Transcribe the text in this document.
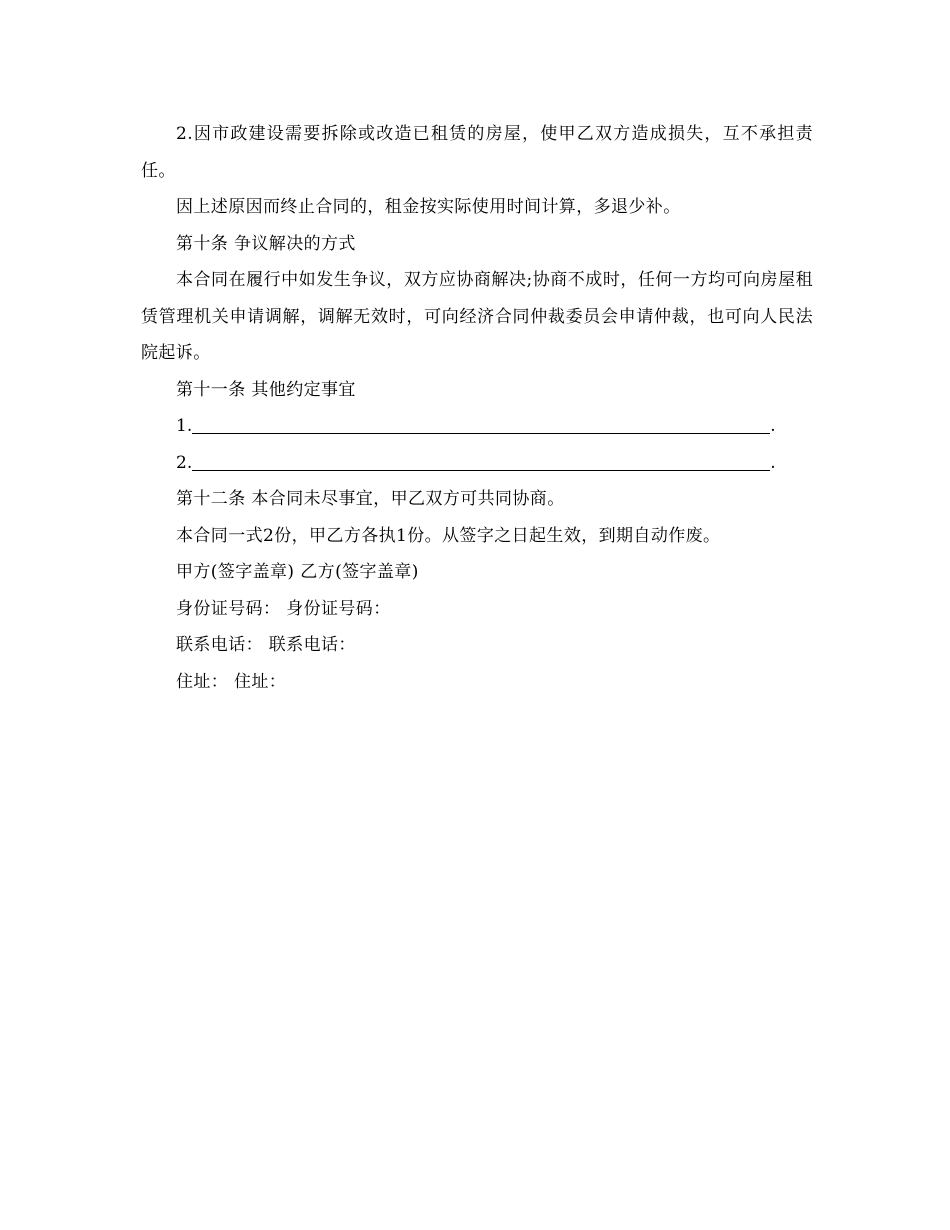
2.因市政建设需要拆除或改造已租赁的房屋，使甲乙双方造成损失，互不承担责任。

因上述原因而终止合同的，租金按实际使用时间计算，多退少补。

第十条 争议解决的方式

本合同在履行中如发生争议，双方应协商解决;协商不成时，任何一方均可向房屋租赁管理机关申请调解，调解无效时，可向经济合同仲裁委员会申请仲裁，也可向人民法院起诉。

第十一条 其他约定事宜

1.	.

2.	.

第十二条 本合同未尽事宜，甲乙双方可共同协商。

本合同一式2份，甲乙方各执1份。从签字之日起生效，到期自动作废。

甲方(签字盖章) 乙方(签字盖章)

身份证号码： 身份证号码：

联系电话： 联系电话：

住址： 住址：
